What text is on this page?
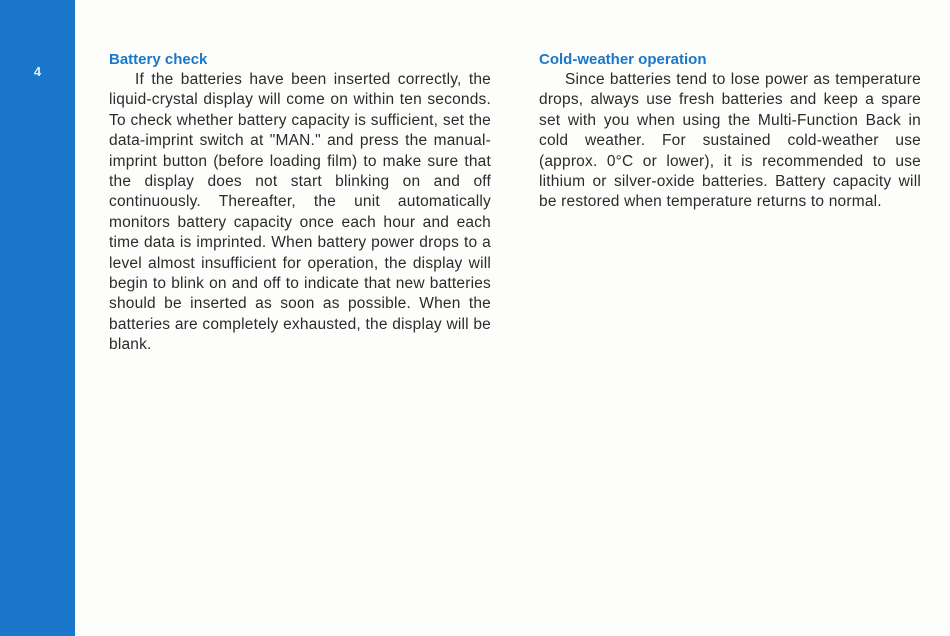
4
Battery check

If the batteries have been inserted correctly, the liquid-crystal display will come on within ten seconds. To check whether battery capacity is sufficient, set the data-imprint switch at "MAN." and press the manual-imprint button (before loading film) to make sure that the display does not start blinking on and off continuously. Thereafter, the unit automatically monitors battery capacity once each hour and each time data is imprinted. When battery power drops to a level almost insufficient for operation, the display will begin to blink on and off to indicate that new batteries should be inserted as soon as possible. When the batteries are completely exhausted, the display will be blank.

Cold-weather operation

Since batteries tend to lose power as temperature drops, always use fresh batteries and keep a spare set with you when using the Multi-Function Back in cold weather. For sustained cold-weather use (approx. 0°C or lower), it is recommended to use lithium or silver-oxide batteries. Battery capacity will be restored when temperature returns to normal.
